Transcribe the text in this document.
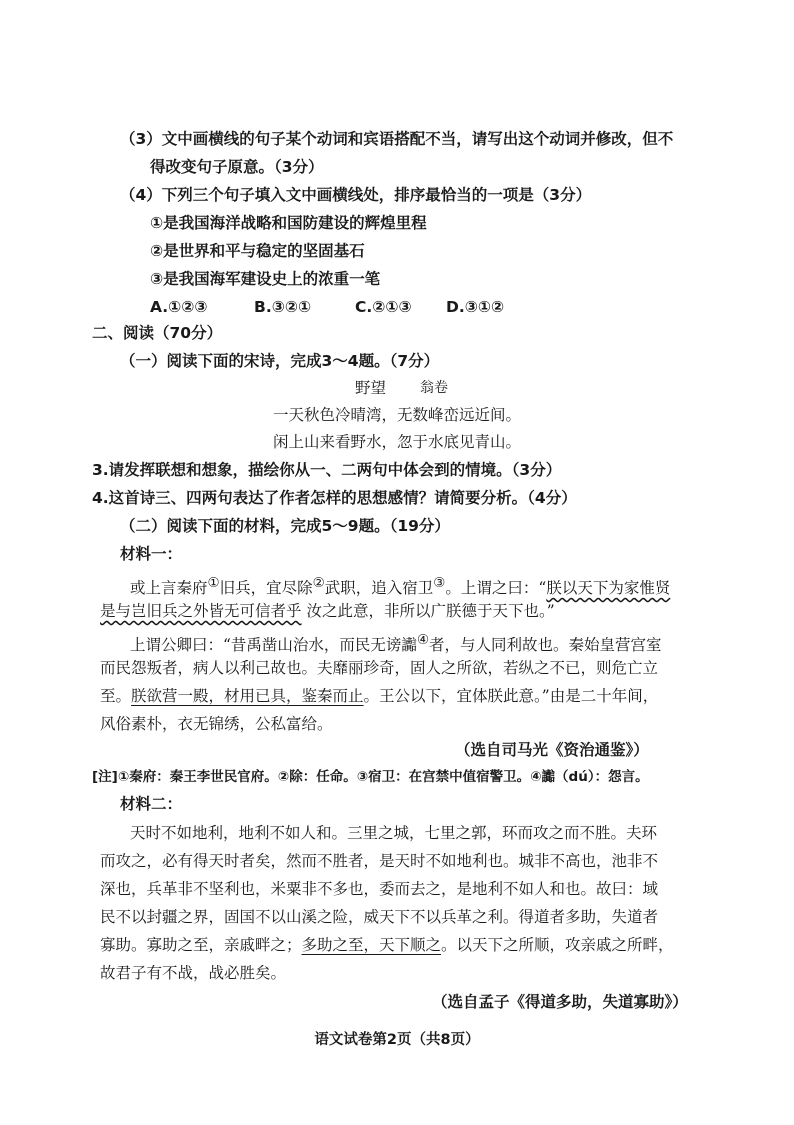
（3）文中画横线的句子某个动词和宾语搭配不当，请写出这个动词并修改，但不
得改变句子原意。（3分）
（4）下列三个句子填入文中画横线处，排序最恰当的一项是（3分）
①是我国海洋战略和国防建设的辉煌里程
②是世界和平与稳定的坚固基石
③是我国海军建设史上的浓重一笔
A.①②③	B.③②①	C.②①③ D.③①②
二、阅读（70分）
（一）阅读下面的宋诗，完成3～4题。（7分）
野望 翁卷
一天秋色冷晴湾，无数峰峦远近间。
闲上山来看野水，忽于水底见青山。
3.请发挥联想和想象，描绘你从一、二两句中体会到的情境。（3分）
4.这首诗三、四两句表达了作者怎样的思想感情？请简要分析。（4分）
（二）阅读下面的材料，完成5～9题。（19分）
材料一：
或上言秦府①旧兵，宜尽除②武职，追入宿卫③。上谓之曰：“朕以天下为家惟贤
是与岂旧兵之外皆无可信者乎 汝之此意，非所以广朕德于天下也。”
上谓公卿曰：“昔禹凿山治水，而民无谤讟④者，与人同利故也。秦始皇营宫室
而民怨叛者，病人以利己故也。夫靡丽珍奇，固人之所欲，若纵之不已，则危亡立
至。朕欲营一殿，材用已具，鉴秦而止。王公以下，宜体朕此意。”由是二十年间，
风俗素朴，衣无锦绣，公私富给。
（选自司马光《资治通鉴》）
[注]①秦府：秦王李世民官府。②除：任命。③宿卫：在宫禁中值宿警卫。④讟（dú）：怨言。
材料二：
天时不如地利，地利不如人和。三里之城，七里之郭，环而攻之而不胜。夫环
而攻之，必有得天时者矣，然而不胜者，是天时不如地利也。城非不高也，池非不
深也，兵革非不坚利也，米粟非不多也，委而去之，是地利不如人和也。故曰：域
民不以封疆之界，固国不以山溪之险，威天下不以兵革之利。得道者多助，失道者
寡助。寡助之至，亲戚畔之；多助之至，天下顺之。以天下之所顺，攻亲戚之所畔，
故君子有不战，战必胜矣。
（选自孟子《得道多助，失道寡助》）
语文试卷第2页（共8页）
